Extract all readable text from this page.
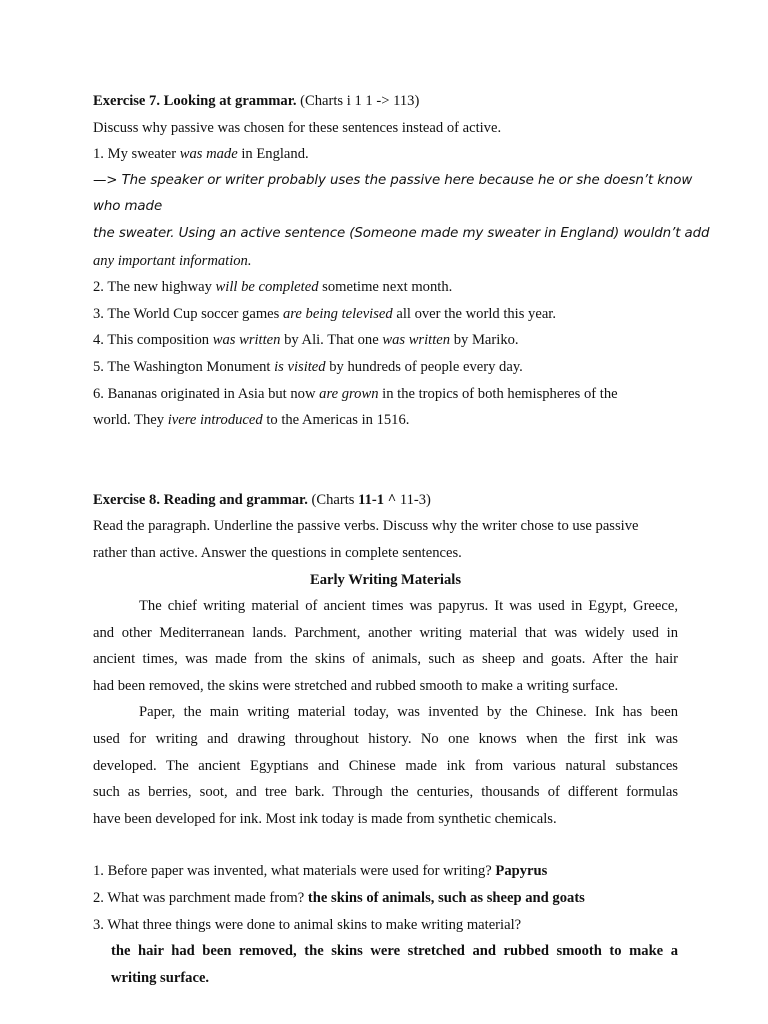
Exercise 7. Looking at grammar. (Charts i 1 1 -> 113)
Discuss why passive was chosen for these sentences instead of active.
1. My sweater was made in England.
—> The speaker or writer probably uses the passive here because he or she doesn’t know
who made
the sweater. Using an active sentence (Someone made my sweater in England) wouldn’t add
any important information.
2. The new highway will be completed sometime next month.
3. The World Cup soccer games are being televised all over the world this year.
4. This composition was written by Ali. That one was written by Mariko.
5. The Washington Monument is visited by hundreds of people every day.
6. Bananas originated in Asia but now are grown in the tropics of both hemispheres of the
world. They ivere introduced to the Americas in 1516.
Exercise 8. Reading and grammar. (Charts 11-1 ^ 11-3)
Read the paragraph. Underline the passive verbs. Discuss why the writer chose to use passive
rather than active. Answer the questions in complete sentences.
Early Writing Materials
The chief writing material of ancient times was papyrus. It was used in Egypt, Greece,
and other Mediterranean lands. Parchment, another writing material that was widely used in
ancient times, was made from the skins of animals, such as sheep and goats. After the hair
had been removed, the skins were stretched and rubbed smooth to make a writing surface.
Paper, the main writing material today, was invented by the Chinese. Ink has been
used for writing and drawing throughout history. No one knows when the first ink was
developed. The ancient Egyptians and Chinese made ink from various natural substances
such as berries, soot, and tree bark. Through the centuries, thousands of different formulas
have been developed for ink. Most ink today is made from synthetic chemicals.
1. Before paper was invented, what materials were used for writing? Papyrus
2. What was parchment made from? the skins of animals, such as sheep and goats
3. What three things were done to animal skins to make writing material?
the hair had been removed, the skins were stretched and rubbed smooth to make a
writing surface.
